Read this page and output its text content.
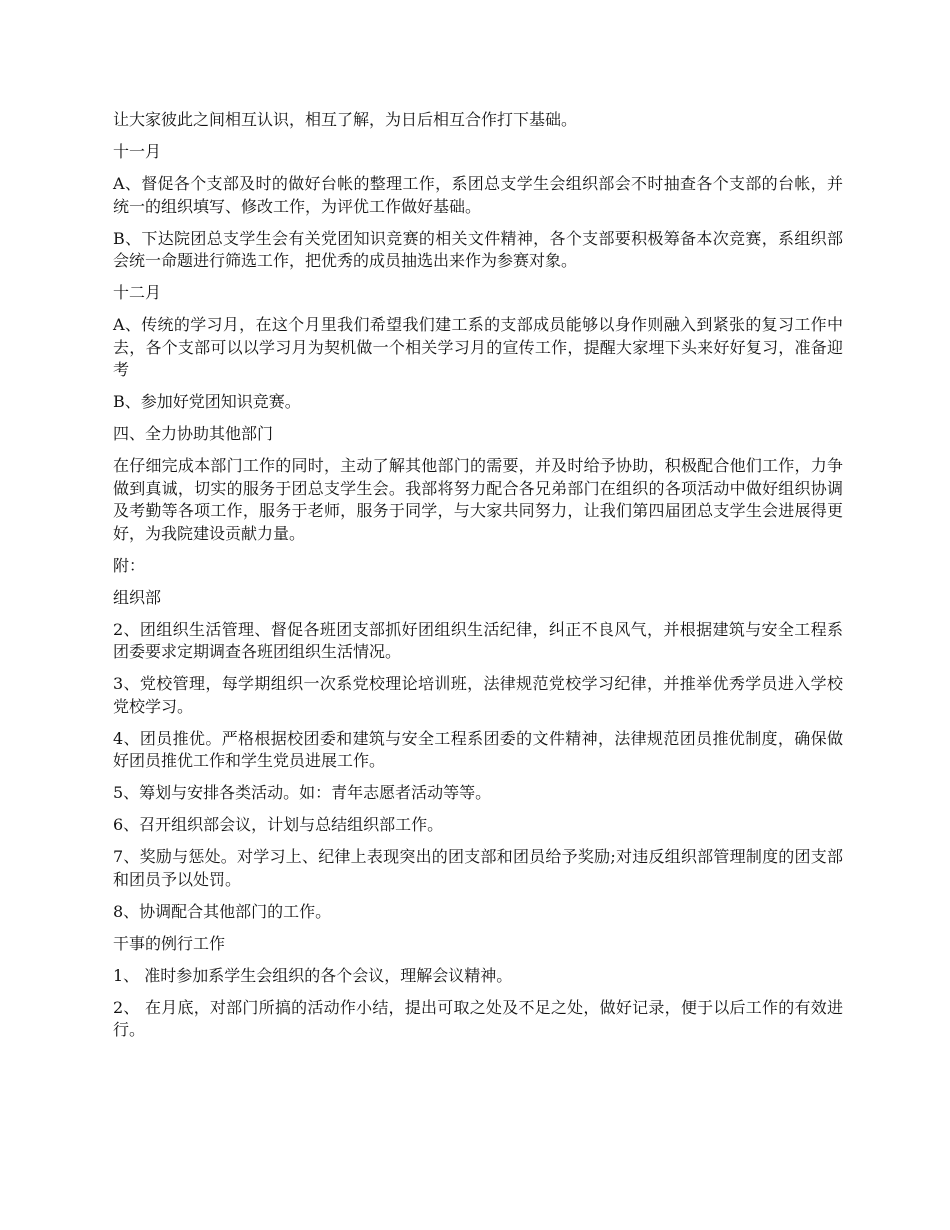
让大家彼此之间相互认识，相互了解，为日后相互合作打下基础。

十一月

A、督促各个支部及时的做好台帐的整理工作，系团总支学生会组织部会不时抽查各个支部的台帐，并统一的组织填写、修改工作，为评优工作做好基础。

B、下达院团总支学生会有关党团知识竞赛的相关文件精神，各个支部要积极筹备本次竞赛，系组织部会统一命题进行筛选工作，把优秀的成员抽选出来作为参赛对象。

十二月

A、传统的学习月，在这个月里我们希望我们建工系的支部成员能够以身作则融入到紧张的复习工作中去，各个支部可以以学习月为契机做一个相关学习月的宣传工作，提醒大家埋下头来好好复习，准备迎考

B、参加好党团知识竞赛。

四、全力协助其他部门

在仔细完成本部门工作的同时，主动了解其他部门的需要，并及时给予协助，积极配合他们工作，力争做到真诚，切实的服务于团总支学生会。我部将努力配合各兄弟部门在组织的各项活动中做好组织协调及考勤等各项工作，服务于老师，服务于同学，与大家共同努力，让我们第四届团总支学生会进展得更好，为我院建设贡献力量。

附：

组织部

2、团组织生活管理、督促各班团支部抓好团组织生活纪律，纠正不良风气，并根据建筑与安全工程系团委要求定期调查各班团组织生活情况。

3、党校管理，每学期组织一次系党校理论培训班，法律规范党校学习纪律，并推举优秀学员进入学校党校学习。

4、团员推优。严格根据校团委和建筑与安全工程系团委的文件精神，法律规范团员推优制度，确保做好团员推优工作和学生党员进展工作。

5、筹划与安排各类活动。如：青年志愿者活动等等。

6、召开组织部会议，计划与总结组织部工作。

7、奖励与惩处。对学习上、纪律上表现突出的团支部和团员给予奖励;对违反组织部管理制度的团支部和团员予以处罚。

8、协调配合其他部门的工作。

干事的例行工作

1、 准时参加系学生会组织的各个会议，理解会议精神。

2、 在月底，对部门所搞的活动作小结，提出可取之处及不足之处，做好记录，便于以后工作的有效进行。
